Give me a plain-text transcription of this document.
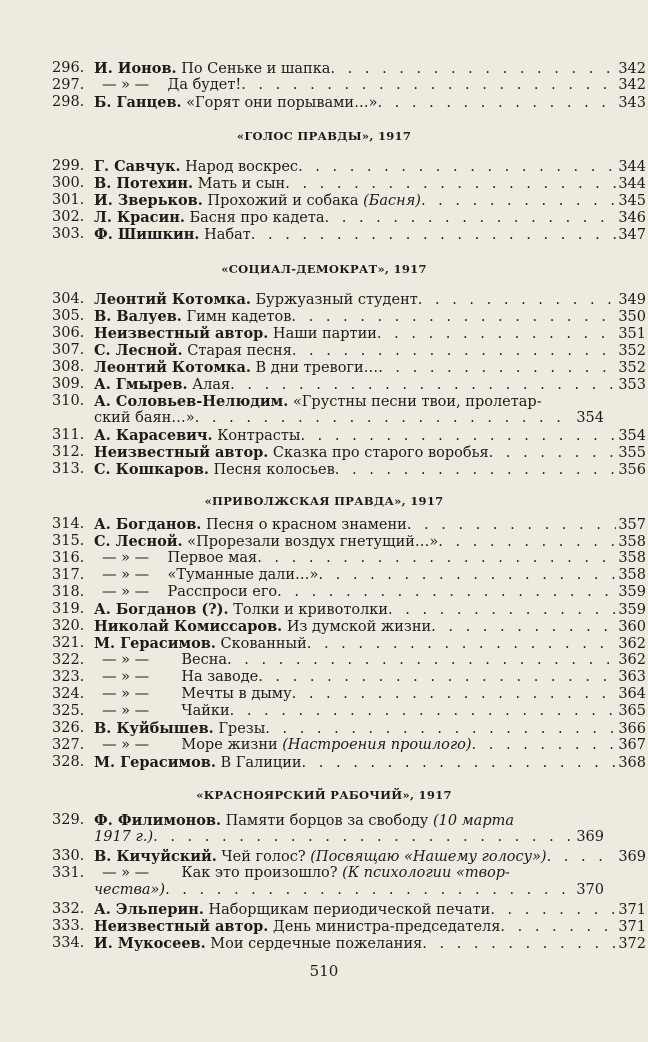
296. И. Ионов. По Сеньке и шапка . . .	342
297.	— » — Да будет! . . .	342
298. Б. Ганцев. «Горят они порывами…» . . .	343
«ГОЛОС ПРАВДЫ», 1917
299. Г. Савчук. Народ воскрес . . .	344
300. В. Потехин. Мать и сын . . .	344
301. И. Зверьков. Прохожий и собака (Басня) . . .	345
302. Л. Красин. Басня про кадета . . .	346
303. Ф. Шишкин. Набат . . .	347
«СОЦИАЛ-ДЕМОКРАТ», 1917
304. Леонтий Котомка. Буржуазный студент . . .	349
305. В. Валуев. Гимн кадетов . . .	350
306. Неизвестный автор. Наши партии . . .	351
307. С. Лесной. Старая песня . . .	352
308. Леонтий Котомка. В дни тревоги… . . .	352
309. А. Гмырев. Алая . . .	353
310. А. Соловьев-Нелюдим. «Грустны песни твои, пролетар-
ский баян…» . . .	354
311. А. Карасевич. Контрасты . . .	354
312. Неизвестный автор. Сказка про старого воробья . . .	355
313. С. Кошкаров. Песня колосьев . . .	356
«ПРИВОЛЖСКАЯ ПРАВДА», 1917
314. А. Богданов. Песня о красном знамени . . .	357
315. С. Лесной. «Прорезали воздух гнетущий…» . . .	358
316.	— » — Первое мая . . .	358
317.	— » — «Туманные дали…» . . .	358
318.	— » — Расспроси его . . .	359
319. А. Богданов (?). Толки и кривотолки . . .	359
320. Николай Комиссаров. Из думской жизни . . .	360
321. М. Герасимов. Скованный . . .	362
322.	— » — Весна . . .	362
323.	— » — На заводе . . .	363
324.	— » — Мечты в дыму . . .	364
325.	— » — Чайки . . .	365
326. В. Куйбышев. Грезы . . .	366
327.	— » — Море жизни (Настроения прошлого) . . .	367
328. М. Герасимов. В Галиции . . .	368
«КРАСНОЯРСКИЙ РАБОЧИЙ», 1917
329. Ф. Филимонов. Памяти борцов за свободу (10 марта
1917 г.) . . .	369
330. В. Кичуйский. Чей голос? (Посвящаю «Нашему голосу») . . .	369
331.	— » — Как это произошло? (К психологии «твор-
чества») . . .	370
332. А. Эльперин. Наборщикам периодической печати . . .	371
333. Неизвестный автор. День министра-председателя . . .	371
334. И. Мукосеев. Мои сердечные пожелания . . .	372
510
